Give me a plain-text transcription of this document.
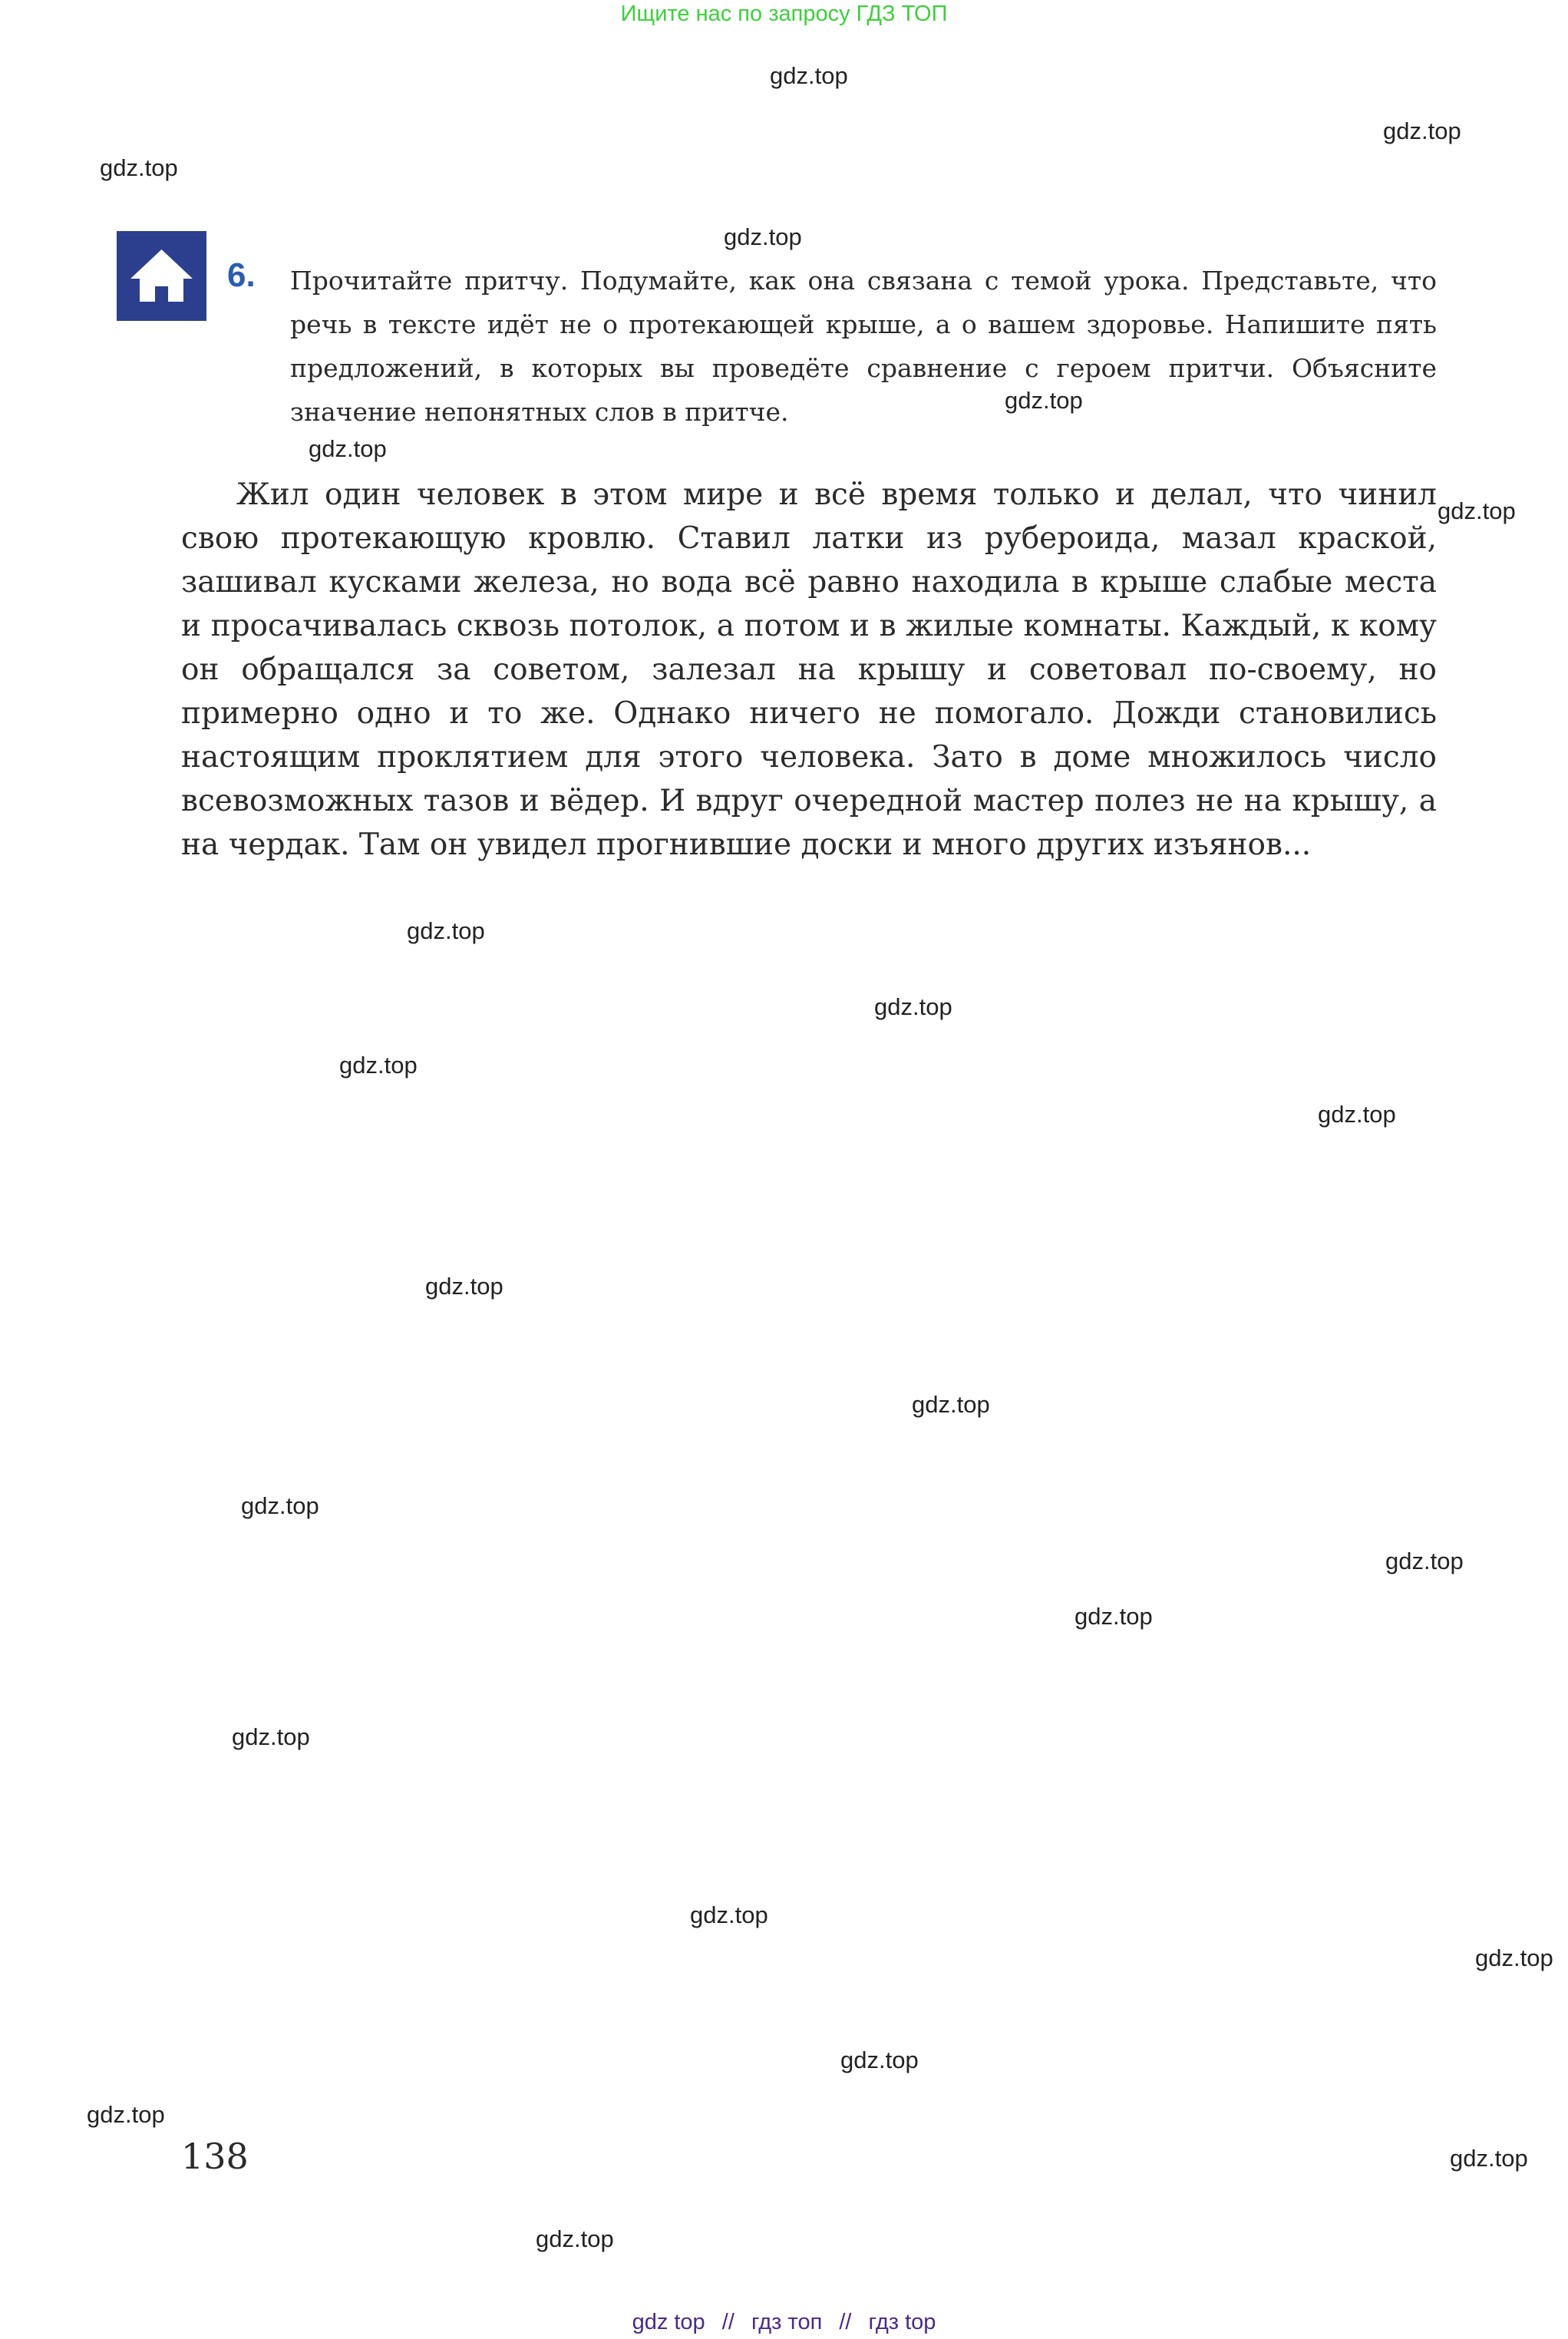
Ищите нас по запросу ГДЗ ТОП
gdz.top
gdz.top
gdz.top
gdz.top
gdz.top
gdz.top
gdz.top
gdz.top
gdz.top
gdz.top
gdz.top
gdz.top
gdz.top
gdz.top
gdz.top
gdz.top
gdz.top
gdz.top
gdz.top
gdz.top
gdz.top
gdz.top
gdz.top
6. Прочитайте притчу. Подумайте, как она связана с темой урока. Представьте, что речь в тексте идёт не о протекающей крыше, а о вашем здоровье. Напишите пять предложений, в которых вы проведёте сравнение с героем притчи. Объясните значение непонятных слов в притче.
Жил один человек в этом мире и всё время только и делал, что чинил свою протекающую кровлю. Ставил латки из рубероида, мазал краской, зашивал кусками железа, но вода всё равно находила в крыше слабые места и просачивалась сквозь потолок, а потом и в жилые комнаты. Каждый, к кому он обращался за советом, залезал на крышу и советовал по-своему, но примерно одно и то же. Однако ничего не помогало. Дожди становились настоящим проклятием для этого человека. Зато в доме множилось число всевозможных тазов и вёдер. И вдруг очередной мастер полез не на крышу, а на чердак. Там он увидел прогнившие доски и много других изъянов...
138
gdz top // гдз топ // гдз top
